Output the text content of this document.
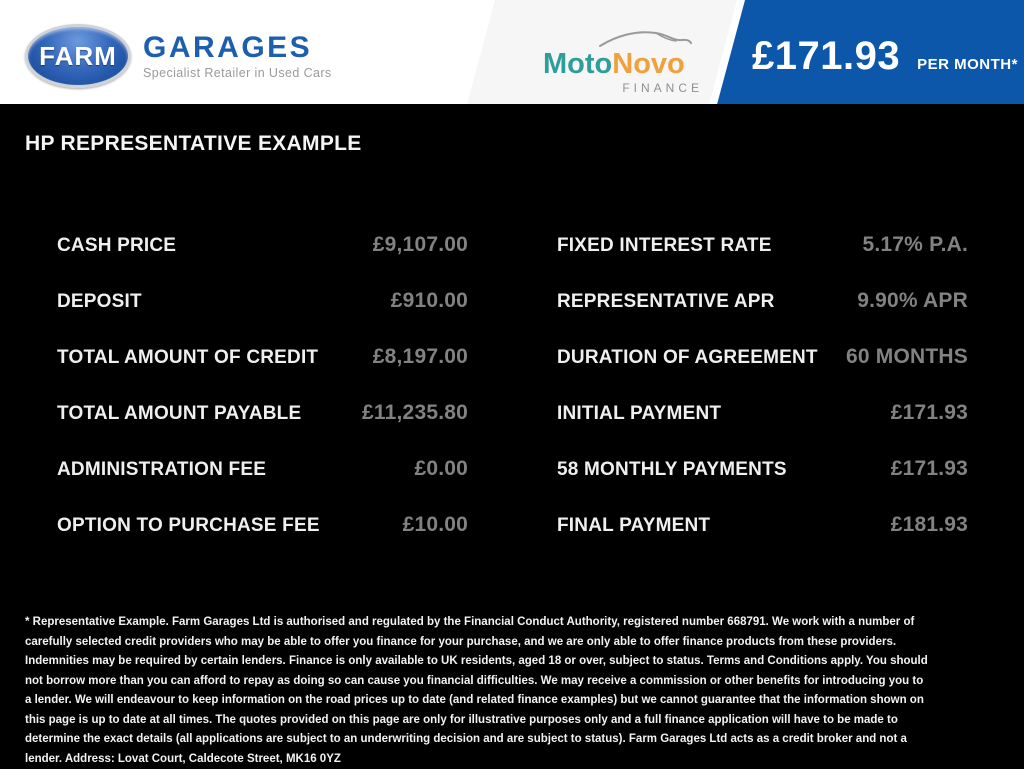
FARM GARAGES
Specialist Retailer in Used Cars	MotoNovo
FINANCE
£171.93 PER MONTH*
HP REPRESENTATIVE EXAMPLE
CASH PRICE	£9,107.00	FIXED INTEREST RATE	5.17% P.A.
DEPOSIT	£910.00	REPRESENTATIVE APR	9.90% APR
TOTAL AMOUNT OF CREDIT	£8,197.00	DURATION OF AGREEMENT 60 MONTHS
TOTAL AMOUNT PAYABLE	£11,235.80	INITIAL PAYMENT	£171.93
ADMINISTRATION FEE	£0.00	58 MONTHLY PAYMENTS	£171.93
OPTION TO PURCHASE FEE	£10.00	FINAL PAYMENT	£181.93
* Representative Example. Farm Garages Ltd is authorised and regulated by the Financial Conduct Authority, registered number 668791. We work with a number of carefully selected credit providers who may be able to offer you finance for your purchase, and we are only able to offer finance products from these providers. Indemnities may be required by certain lenders. Finance is only available to UK residents, aged 18 or over, subject to status. Terms and Conditions apply. You should not borrow more than you can afford to repay as doing so can cause you financial difficulties. We may receive a commission or other benefits for introducing you to a lender. We will endeavour to keep information on the road prices up to date (and related finance examples) but we cannot guarantee that the information shown on this page is up to date at all times. The quotes provided on this page are only for illustrative purposes only and a full finance application will have to be made to determine the exact details (all applications are subject to an underwriting decision and are subject to status). Farm Garages Ltd acts as a credit broker and not a lender. Address: Lovat Court, Caldecote Street, MK16 0YZ
